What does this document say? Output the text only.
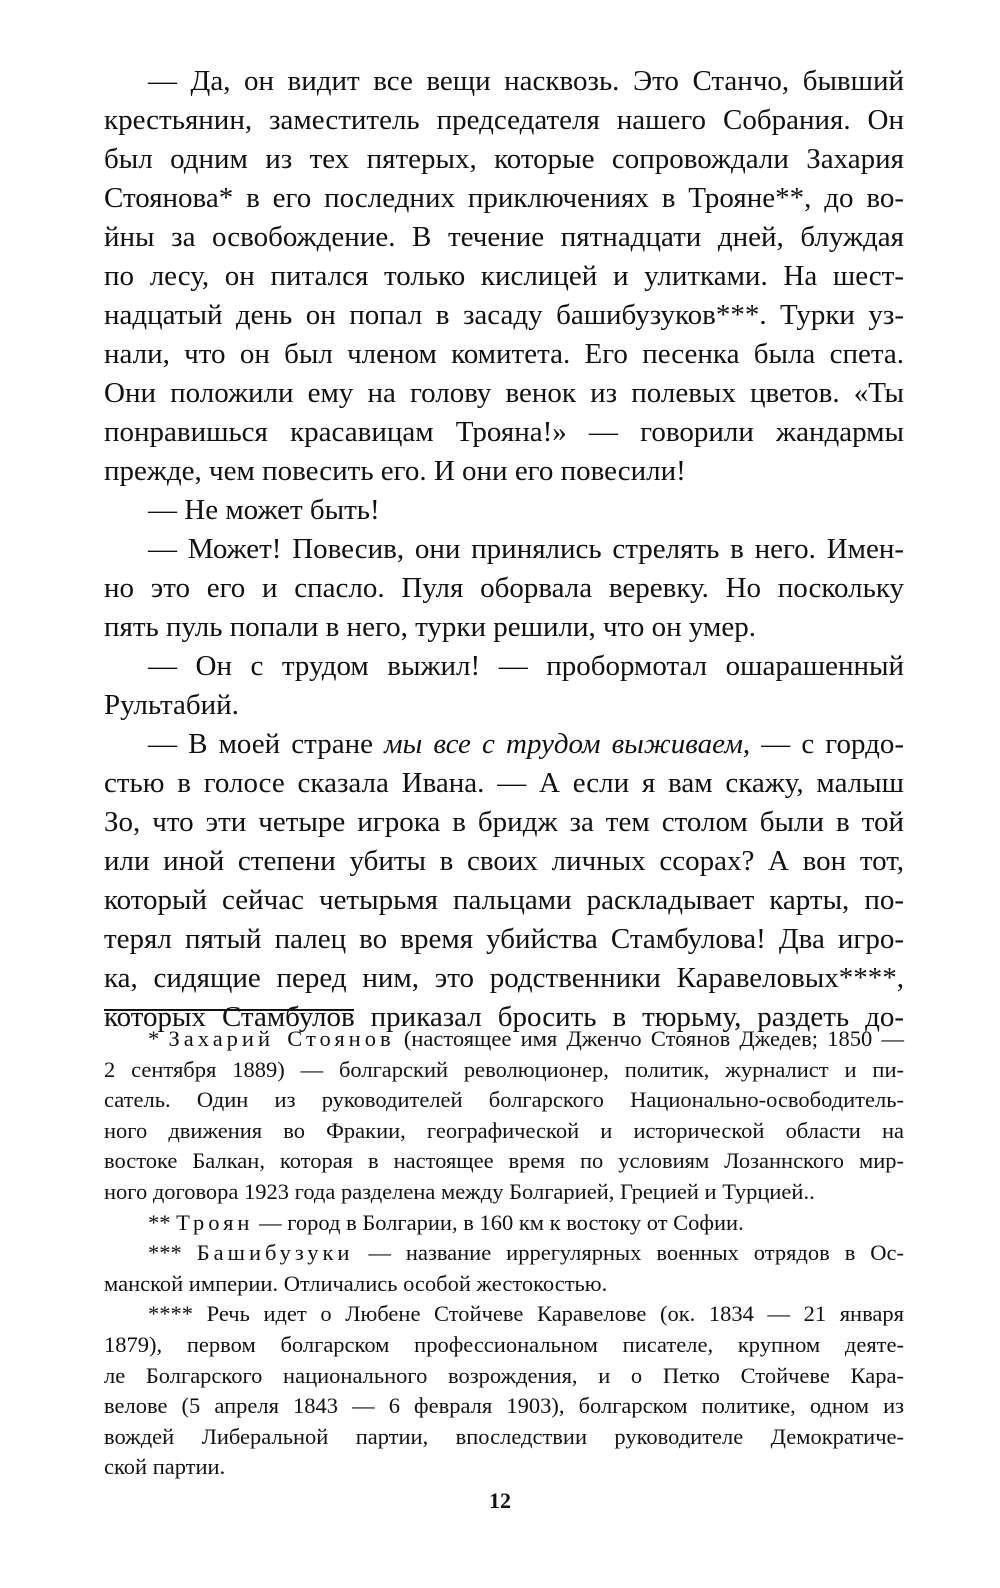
— Да, он видит все вещи насквозь. Это Станчо, бывший
крестьянин, заместитель председателя нашего Собрания. Он
был одним из тех пятерых, которые сопровождали Захария
Стоянова* в его последних приключениях в Трояне**, до во-
йны за освобождение. В течение пятнадцати дней, блуждая
по лесу, он питался только кислицей и улитками. На шест-
надцатый день он попал в засаду башибузуков***. Турки уз-
нали, что он был членом комитета. Его песенка была спета.
Они положили ему на голову венок из полевых цветов. «Ты
понравишься красавицам Трояна!» — говорили жандармы
прежде, чем повесить его. И они его повесили!
— Не может быть!
— Может! Повесив, они принялись стрелять в него. Имен-
но это его и спасло. Пуля оборвала веревку. Но поскольку
пять пуль попали в него, турки решили, что он умер.
— Он с трудом выжил! — пробормотал ошарашенный
Рультабий.
— В моей стране мы все с трудом выживаем, — с гордо-
стью в голосе сказала Ивана. — А если я вам скажу, малыш
Зо, что эти четыре игрока в бридж за тем столом были в той
или иной степени убиты в своих личных ссорах? А вон тот,
который сейчас четырьмя пальцами раскладывает карты, по-
терял пятый палец во время убийства Стамбулова! Два игро-
ка, сидящие перед ним, это родственники Каравеловых****,
которых Стамбулов приказал бросить в тюрьму, раздеть до-
* Захарий Стоянов (настоящее имя Дженчо Стоянов Джедев; 1850 —
2 сентября 1889) — болгарский революционер, политик, журналист и пи-
сатель. Один из руководителей болгарского Национально-освободитель-
ного движения во Фракии, географической и исторической области на
востоке Балкан, которая в настоящее время по условиям Лозаннского мир-
ного договора 1923 года разделена между Болгарией, Грецией и Турцией..
** Троян — город в Болгарии, в 160 км к востоку от Софии.
*** Башибузуки — название иррегулярных военных отрядов в Ос-
манской империи. Отличались особой жестокостью.
**** Речь идет о Любене Стойчеве Каравелове (ок. 1834 — 21 января
1879), первом болгарском профессиональном писателе, крупном деяте-
ле Болгарского национального возрождения, и о Петко Стойчеве Кара-
велове (5 апреля 1843 — 6 февраля 1903), болгарском политике, одном из
вождей Либеральной партии, впоследствии руководителе Демократиче-
ской партии.
12
